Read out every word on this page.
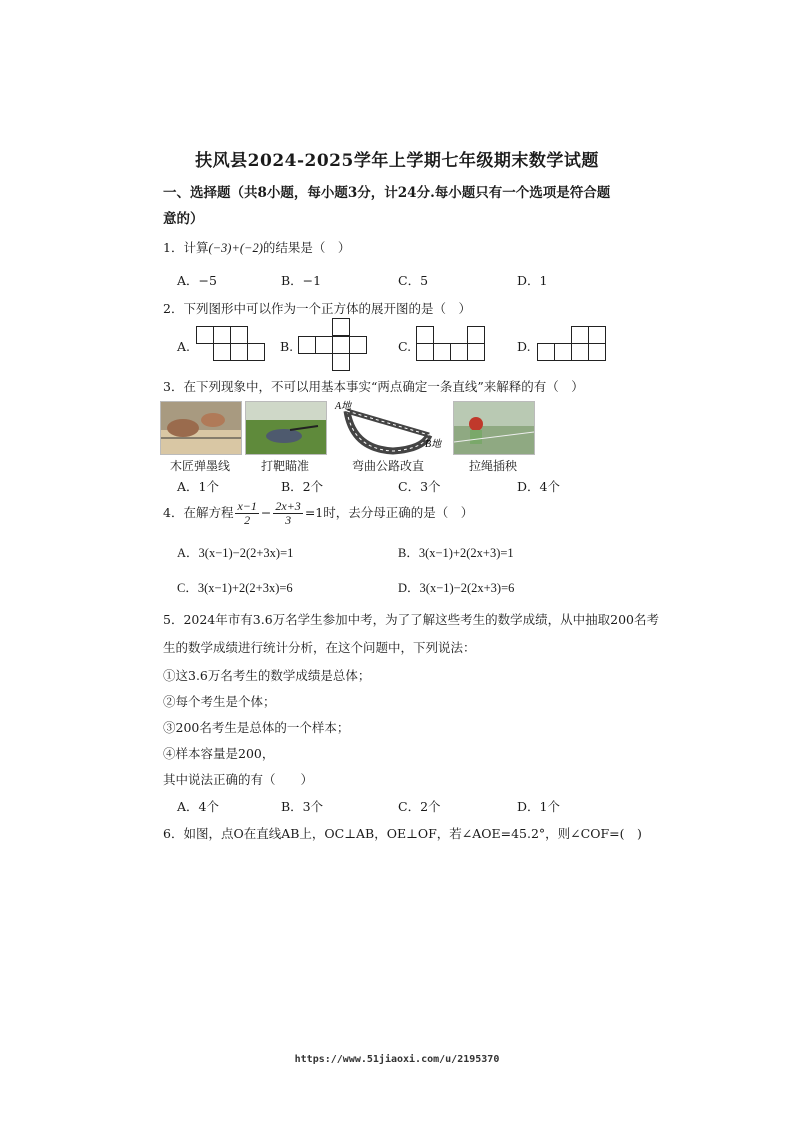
扶风县2024-2025学年上学期七年级期末数学试题
一、选择题（共8小题，每小题3分，计24分.每小题只有一个选项是符合题
意的）
1．计算(−3)+(−2)的结果是（　）
A．−5	B．−1	C．5	D．1
2．下列图形中可以作为一个正方体的展开图的是（　）
A.	B.	C.	D.
3．在下列现象中，不可以用基本事实“两点确定一条直线”来解释的有（　）
A地
B地
木匠弹墨线	打靶瞄准	弯曲公路改直	拉绳插秧
A．1个	B．2个	C．3个	D．4个
4．在解方程 $\frac{x-1}{2} - \frac{2x+3}{3} =1$时，去分母正确的是（　）
A．3(x−1)−2(2+3x)=1	B．3(x−1)+2(2x+3)=1
C．3(x−1)+2(2+3x)=6	D．3(x−1)−2(2x+3)=6
5．2024年市有3.6万名学生参加中考，为了了解这些考生的数学成绩，从中抽取200名考
生的数学成绩进行统计分析，在这个问题中，下列说法：
①这3.6万名考生的数学成绩是总体；
②每个考生是个体；
③200名考生是总体的一个样本；
④样本容量是200，
其中说法正确的有（　　）
A．4个	B．3个	C．2个	D．1个
6．如图，点O在直线AB上，OC⊥AB，OE⊥OF，若∠AOE=45.2°，则∠COF=(　)
https://www.51jiaoxi.com/u/2195370
